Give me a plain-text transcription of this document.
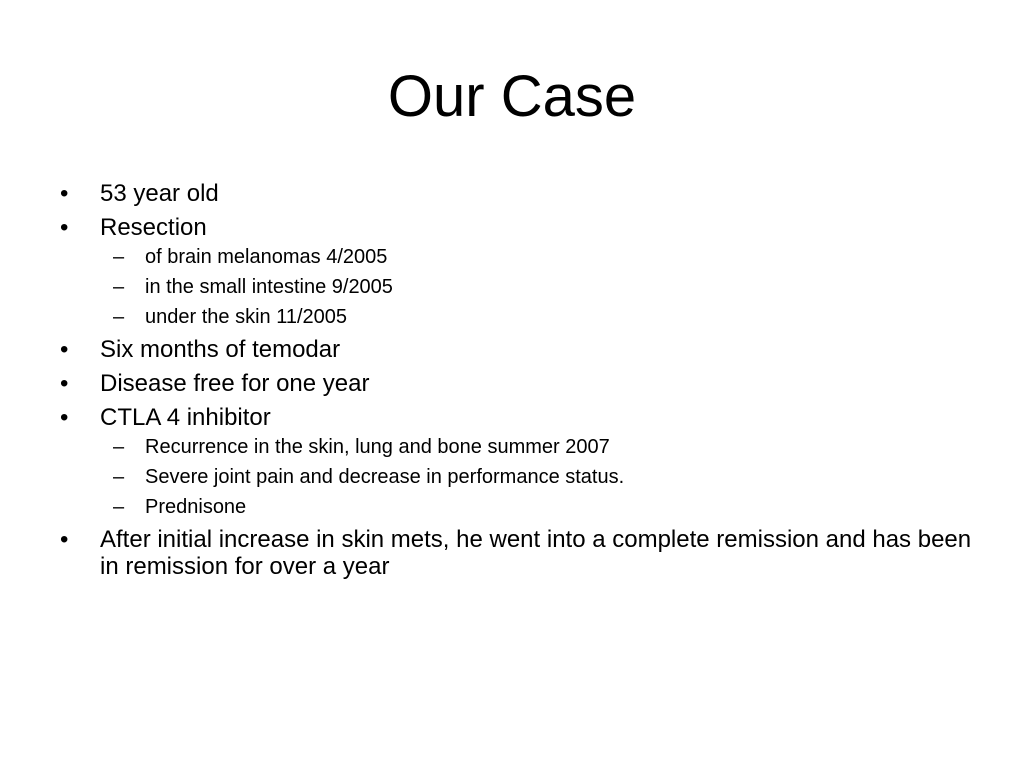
Our Case
•	53 year old
•	Resection
–	of brain melanomas 4/2005
–	in the small intestine 9/2005
–	under the skin 11/2005
•	Six months of temodar
•	Disease free for one year
•	CTLA 4 inhibitor
–	Recurrence in the skin, lung and bone summer 2007
–	Severe joint pain and decrease in performance status.
–	Prednisone
•	After initial increase in skin mets, he went into a complete remission and has been in remission for over a year
